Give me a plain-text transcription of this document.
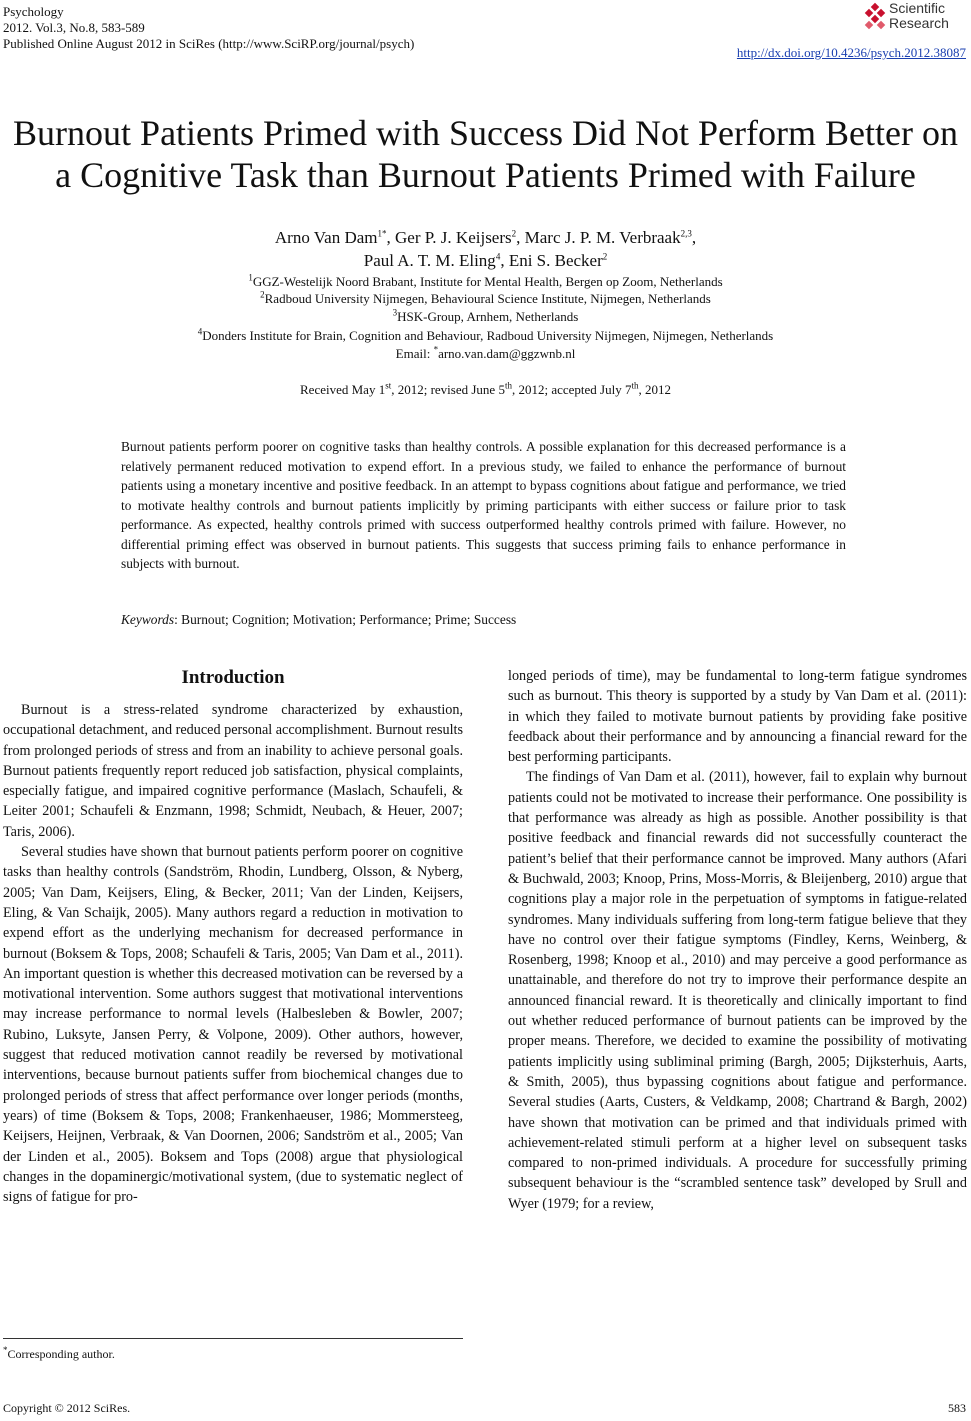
Psychology
2012. Vol.3, No.8, 583-589
Published Online August 2012 in SciRes (http://www.SciRP.org/journal/psych)
http://dx.doi.org/10.4236/psych.2012.38087
Scientific
Research
Burnout Patients Primed with Success Did Not Perform Better on
a Cognitive Task than Burnout Patients Primed with Failure
Arno Van Dam$^{1*}$, Ger P. J. Keijsers$^2$, Marc J. P. M. Verbraak$^{2,3}$,
Paul A. T. M. Eling$^4$, Eni S. Becker$^2$
$^1$GGZ-Westelijk Noord Brabant, Institute for Mental Health, Bergen op Zoom, Netherlands
$^2$Radboud University Nijmegen, Behavioural Science Institute, Nijmegen, Netherlands
$^3$HSK-Group, Arnhem, Netherlands
$^4$Donders Institute for Brain, Cognition and Behaviour, Radboud University Nijmegen, Nijmegen, Netherlands
Email: *arno.van.dam@ggzwnb.nl
Received May 1st, 2012; revised June 5th, 2012; accepted July 7th, 2012
Burnout patients perform poorer on cognitive tasks than healthy controls. A possible explanation for this decreased performance is a relatively permanent reduced motivation to expend effort. In a previous study, we failed to enhance the performance of burnout patients using a monetary incentive and positive feedback. In an attempt to bypass cognitions about fatigue and performance, we tried to motivate healthy controls and burnout patients implicitly by priming participants with either success or failure prior to task performance. As expected, healthy controls primed with success outperformed healthy controls primed with failure. However, no differential priming effect was observed in burnout patients. This suggests that success priming fails to enhance performance in subjects with burnout.
Keywords: Burnout; Cognition; Motivation; Performance; Prime; Success
Introduction

Burnout is a stress-related syndrome characterized by exhaustion, occupational detachment, and reduced personal accomplishment. Burnout results from prolonged periods of stress and from an inability to achieve personal goals. Burnout patients frequently report reduced job satisfaction, physical complaints, especially fatigue, and impaired cognitive performance (Maslach, Schaufeli, & Leiter 2001; Schaufeli & Enzmann, 1998; Schmidt, Neubach, & Heuer, 2007; Taris, 2006).

Several studies have shown that burnout patients perform poorer on cognitive tasks than healthy controls (Sandström, Rhodin, Lundberg, Olsson, & Nyberg, 2005; Van Dam, Keijsers, Eling, & Becker, 2011; Van der Linden, Keijsers, Eling, & Van Schaijk, 2005). Many authors regard a reduction in motivation to expend effort as the underlying mechanism for decreased performance in burnout (Boksem & Tops, 2008; Schaufeli & Taris, 2005; Van Dam et al., 2011). An important question is whether this decreased motivation can be reversed by a motivational intervention. Some authors suggest that motivational interventions may increase performance to normal levels (Halbesleben & Bowler, 2007; Rubino, Luksyte, Jansen Perry, & Volpone, 2009). Other authors, however, suggest that reduced motivation cannot readily be reversed by motivational interventions, because burnout patients suffer from biochemical changes due to prolonged periods of stress that affect performance over longer periods (months, years) of time (Boksem & Tops, 2008; Frankenhaeuser, 1986; Mommersteeg, Keijsers, Heijnen, Verbraak, & Van Doornen, 2006; Sandström et al., 2005; Van der Linden et al., 2005). Boksem and Tops (2008) argue that physiological changes in the dopaminergic/motivational system, (due to systematic neglect of signs of fatigue for pro-

longed periods of time), may be fundamental to long-term fatigue syndromes such as burnout. This theory is supported by a study by Van Dam et al. (2011): in which they failed to motivate burnout patients by providing fake positive feedback about their performance and by announcing a financial reward for the best performing participants.

The findings of Van Dam et al. (2011), however, fail to explain why burnout patients could not be motivated to increase their performance. One possibility is that performance was already as high as possible. Another possibility is that positive feedback and financial rewards did not successfully counteract the patient’s belief that their performance cannot be improved. Many authors (Afari & Buchwald, 2003; Knoop, Prins, Moss-Morris, & Bleijenberg, 2010) argue that cognitions play a major role in the perpetuation of symptoms in fatigue-related syndromes. Many individuals suffering from long-term fatigue believe that they have no control over their fatigue symptoms (Findley, Kerns, Weinberg, & Rosenberg, 1998; Knoop et al., 2010) and may perceive a good performance as unattainable, and therefore do not try to improve their performance despite an announced financial reward. It is theoretically and clinically important to find out whether reduced performance of burnout patients can be improved by the proper means. Therefore, we decided to examine the possibility of motivating patients implicitly using subliminal priming (Bargh, 2005; Dijksterhuis, Aarts, & Smith, 2005), thus bypassing cognitions about fatigue and performance. Several studies (Aarts, Custers, & Veldkamp, 2008; Chartrand & Bargh, 2002) have shown that motivation can be primed and that individuals primed with achievement-related stimuli perform at a higher level on subsequent tasks compared to non-primed individuals. A procedure for successfully priming subsequent behaviour is the “scrambled sentence task” developed by Srull and Wyer (1979; for a review,

*Corresponding author.
Copyright © 2012 SciRes.	583
